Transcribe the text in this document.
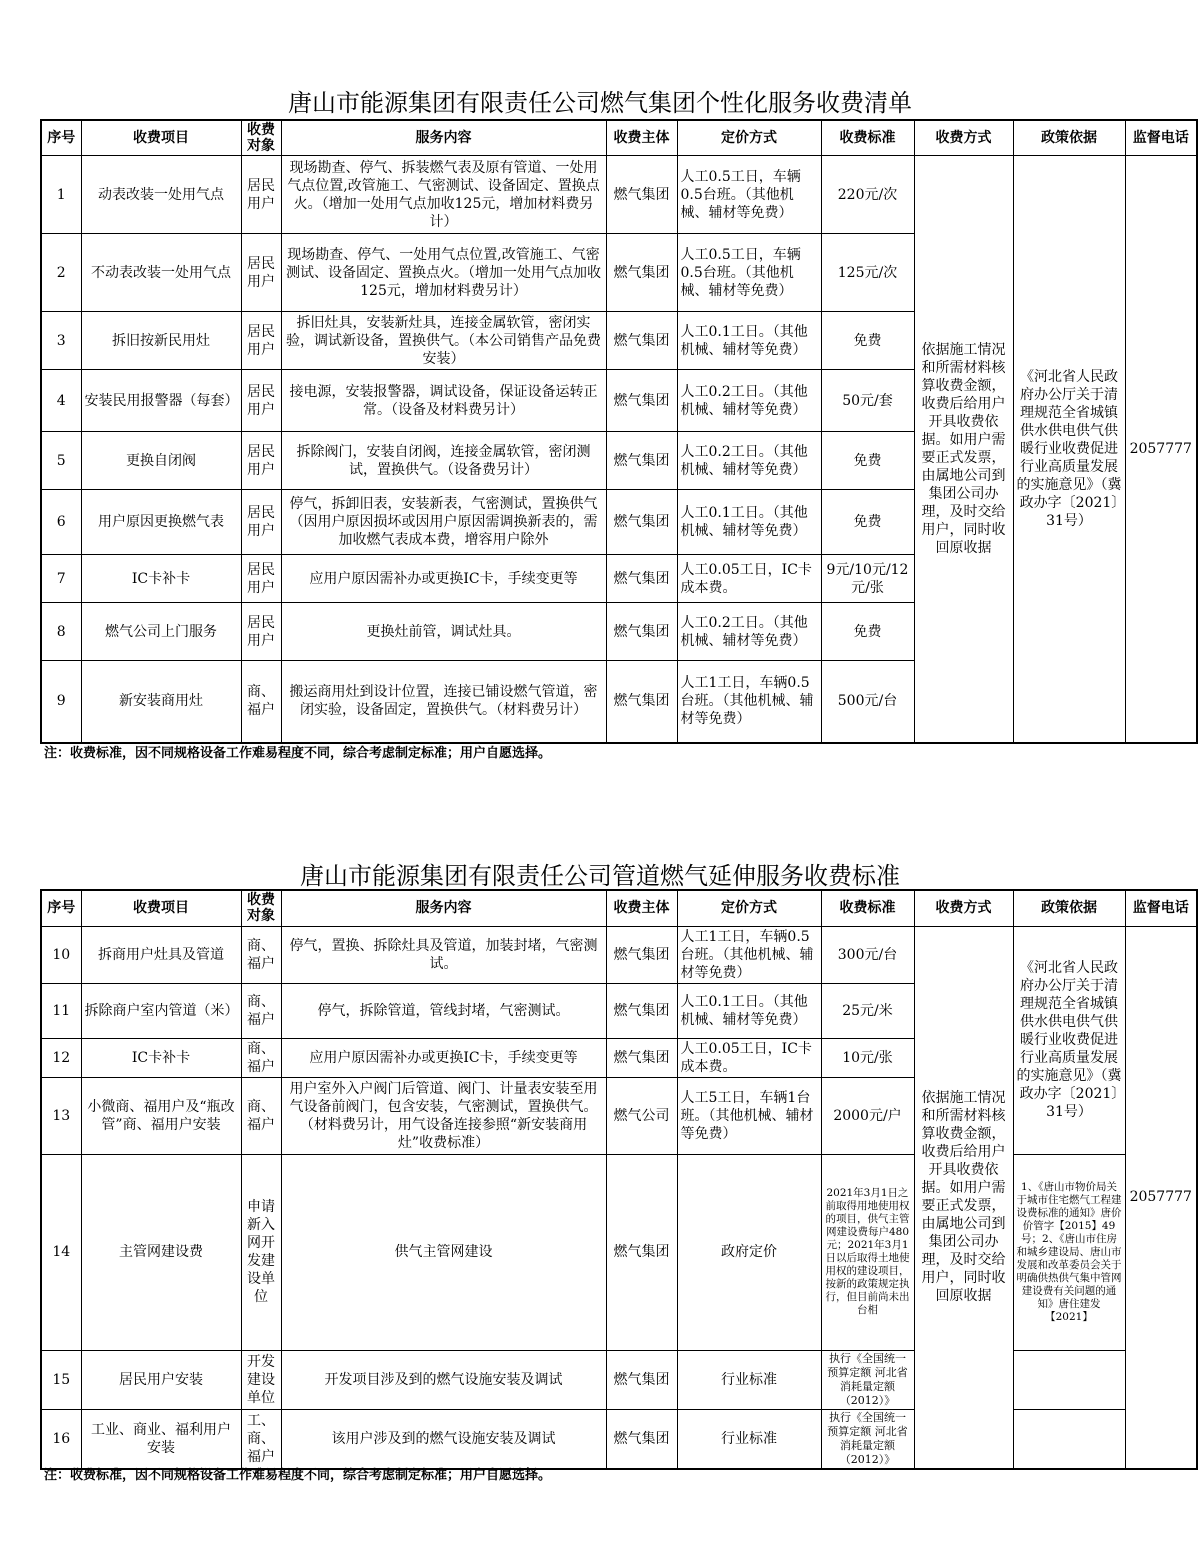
唐山市能源集团有限责任公司燃气集团个性化服务收费清单
序号	收费项目	收费对象	服务内容	收费主体	定价方式	收费标准	收费方式	政策依据	监督电话
1	动表改装一处用气点	居民用户	现场勘查、停气、拆装燃气表及原有管道、一处用气点位置,改管施工、气密测试、设备固定、置换点火。（增加一处用气点加收125元，增加材料费另计）	燃气集团	人工0.5工日，车辆0.5台班。（其他机械、辅材等免费）	220元/次	依据施工情况和所需材料核算收费金额，收费后给用户开具收费依据。如用户需要正式发票，由属地公司到集团公司办理，及时交给用户，同时收回原收据	《河北省人民政府办公厅关于清理规范全省城镇供水供电供气供暖行业收费促进行业高质量发展的实施意见》（冀政办字〔2021〕31号）	2057777
2	不动表改装一处用气点	居民用户	现场勘查、停气、一处用气点位置,改管施工、气密测试、设备固定、置换点火。（增加一处用气点加收125元，增加材料费另计）	燃气集团	人工0.5工日，车辆0.5台班。（其他机械、辅材等免费）	125元/次			
3	拆旧按新民用灶	居民用户	拆旧灶具，安装新灶具，连接金属软管，密闭实验，调试新设备，置换供气。（本公司销售产品免费安装）	燃气集团	人工0.1工日。（其他机械、辅材等免费）	免费			
4	安装民用报警器（每套）	居民用户	接电源，安装报警器，调试设备，保证设备运转正常。（设备及材料费另计）	燃气集团	人工0.2工日。（其他机械、辅材等免费）	50元/套			
5	更换自闭阀	居民用户	拆除阀门，安装自闭阀，连接金属软管，密闭测试，置换供气。（设备费另计）	燃气集团	人工0.2工日。（其他机械、辅材等免费）	免费			
6	用户原因更换燃气表	居民用户	停气，拆卸旧表，安装新表，气密测试，置换供气（因用户原因损坏或因用户原因需调换新表的，需加收燃气表成本费，增容用户除外	燃气集团	人工0.1工日。（其他机械、辅材等免费）	免费			
7	IC卡补卡	居民用户	应用户原因需补办或更换IC卡，手续变更等	燃气集团	人工0.05工日，IC卡成本费。	9元/10元/12元/张			
8	燃气公司上门服务	居民用户	更换灶前管，调试灶具。	燃气集团	人工0.2工日。（其他机械、辅材等免费）	免费			
9	新安装商用灶	商、福户	搬运商用灶到设计位置，连接已铺设燃气管道，密闭实验，设备固定，置换供气。（材料费另计）	燃气集团	人工1工日，车辆0.5台班。（其他机械、辅材等免费）	500元/台			
注：收费标准，因不同规格设备工作难易程度不同，综合考虑制定标准；用户自愿选择。
唐山市能源集团有限责任公司管道燃气延伸服务收费标准
序号	收费项目	收费对象	服务内容	收费主体	定价方式	收费标准	收费方式	政策依据	监督电话
10	拆商用户灶具及管道	商、福户	停气，置换、拆除灶具及管道，加装封堵，气密测试。	燃气集团	人工1工日，车辆0.5台班。（其他机械、辅材等免费）	300元/台	依据施工情况和所需材料核算收费金额，收费后给用户开具收费依据。如用户需要正式发票，由属地公司到集团公司办理，及时交给用户，同时收回原收据	《河北省人民政府办公厅关于清理规范全省城镇供水供电供气供暖行业收费促进行业高质量发展的实施意见》（冀政办字〔2021〕31号）	2057777
11	拆除商户室内管道（米）	商、福户	停气，拆除管道，管线封堵，气密测试。	燃气集团	人工0.1工日。（其他机械、辅材等免费）	25元/米			
12	IC卡补卡	商、福户	应用户原因需补办或更换IC卡，手续变更等	燃气集团	人工0.05工日，IC卡成本费。	10元/张			
13	小微商、福用户及“瓶改管”商、福用户安装	商、福户	用户室外入户阀门后管道、阀门、计量表安装至用气设备前阀门，包含安装，气密测试，置换供气。（材料费另计，用气设备连接参照“新安装商用灶”收费标准）	燃气公司	人工5工日，车辆1台班。（其他机械、辅材等免费）	2000元/户			
14	主管网建设费	申请新入网开发建设单位	供气主管网建设	燃气集团	政府定价	2021年3月1日之前取得用地使用权的项目，供气主管网建设费每户480元；2021年3月1日以后取得土地使用权的建设项目，按新的政策规定执行，但目前尚未出台相		1、《唐山市物价局关于城市住宅燃气工程建设费标准的通知》唐价价管字【2015】49号；2、《唐山市住房和城乡建设局、唐山市发展和改革委员会关于明确供热供气集中管网建设费有关问题的通知》唐住建发【2021】	
15	居民用户安装	开发建设单位	开发项目涉及到的燃气设施安装及调试	燃气集团	行业标准	执行《全国统一预算定额 河北省消耗量定额（2012）》			
16	工业、商业、福利用户安装	工、商、福户	该用户涉及到的燃气设施安装及调试	燃气集团	行业标准	执行《全国统一预算定额 河北省消耗量定额（2012）》			
注：收费标准，因不同规格设备工作难易程度不同，综合考虑制定标准；用户自愿选择。
